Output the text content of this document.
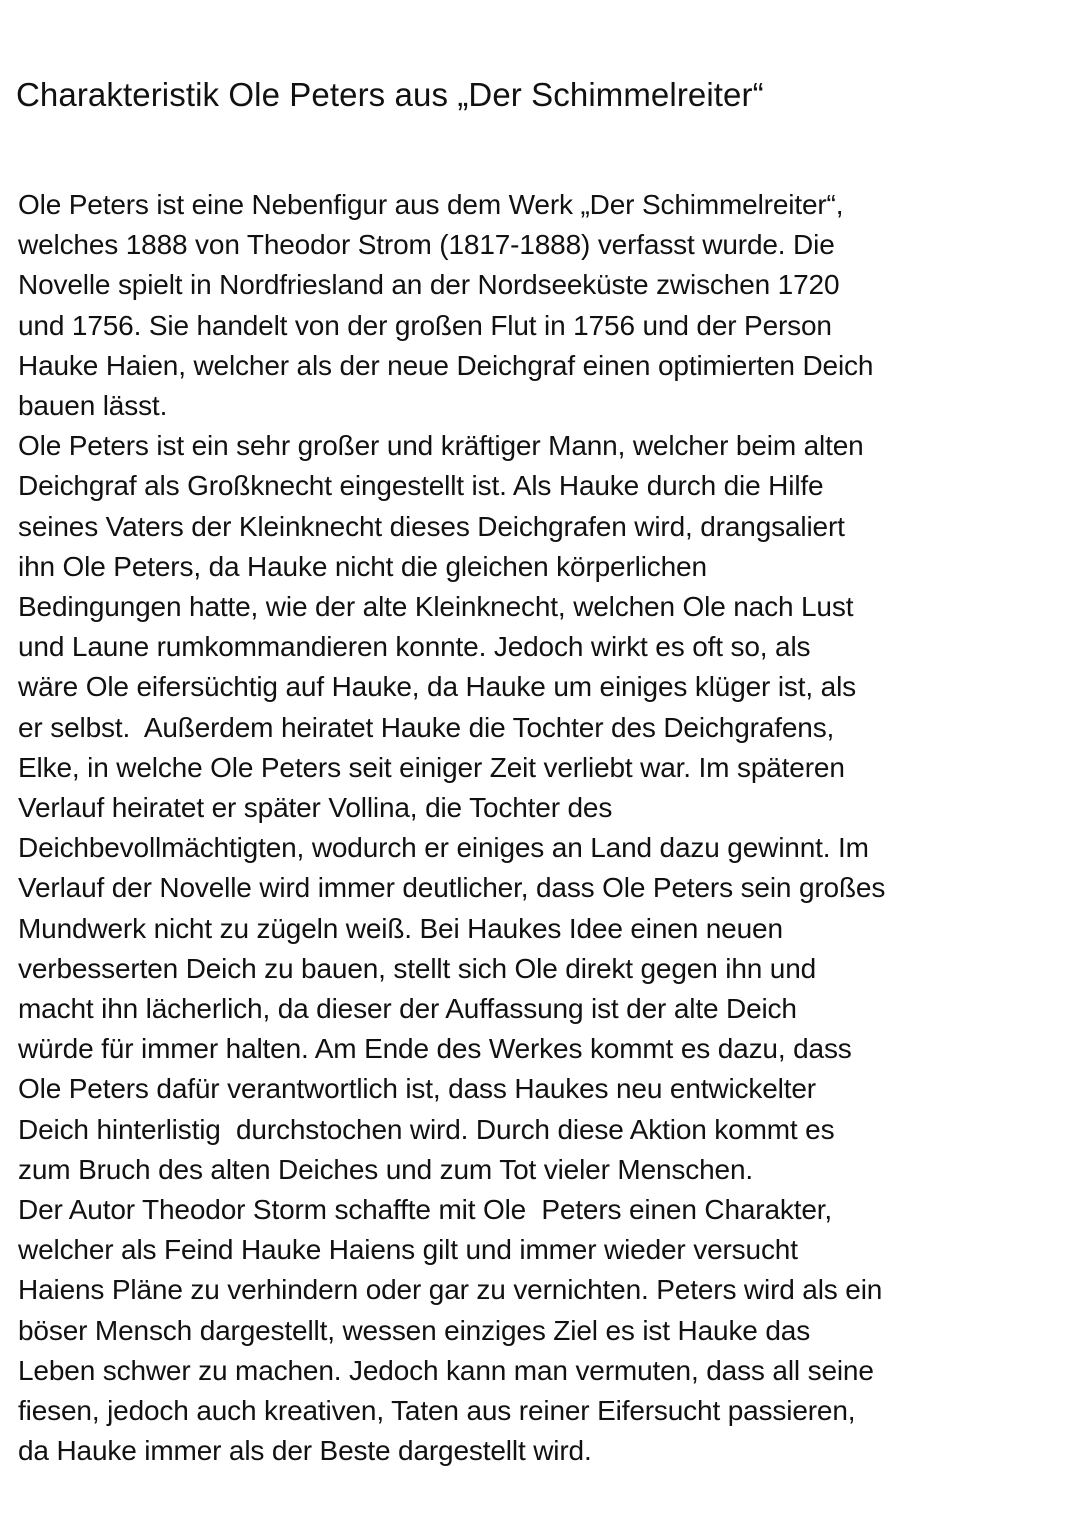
Charakteristik Ole Peters aus „Der Schimmelreiter“
Ole Peters ist eine Nebenfigur aus dem Werk „Der Schimmelreiter“,
welches 1888 von Theodor Strom (1817-1888) verfasst wurde. Die
Novelle spielt in Nordfriesland an der Nordseeküste zwischen 1720
und 1756. Sie handelt von der großen Flut in 1756 und der Person
Hauke Haien, welcher als der neue Deichgraf einen optimierten Deich
bauen lässt.
Ole Peters ist ein sehr großer und kräftiger Mann, welcher beim alten
Deichgraf als Großknecht eingestellt ist. Als Hauke durch die Hilfe
seines Vaters der Kleinknecht dieses Deichgrafen wird, drangsaliert
ihn Ole Peters, da Hauke nicht die gleichen körperlichen
Bedingungen hatte, wie der alte Kleinknecht, welchen Ole nach Lust
und Laune rumkommandieren konnte. Jedoch wirkt es oft so, als
wäre Ole eifersüchtig auf Hauke, da Hauke um einiges klüger ist, als
er selbst.  Außerdem heiratet Hauke die Tochter des Deichgrafens,
Elke, in welche Ole Peters seit einiger Zeit verliebt war. Im späteren
Verlauf heiratet er später Vollina, die Tochter des
Deichbevollmächtigten, wodurch er einiges an Land dazu gewinnt. Im
Verlauf der Novelle wird immer deutlicher, dass Ole Peters sein großes
Mundwerk nicht zu zügeln weiß. Bei Haukes Idee einen neuen
verbesserten Deich zu bauen, stellt sich Ole direkt gegen ihn und
macht ihn lächerlich, da dieser der Auffassung ist der alte Deich
würde für immer halten. Am Ende des Werkes kommt es dazu, dass
Ole Peters dafür verantwortlich ist, dass Haukes neu entwickelter
Deich hinterlistig  durchstochen wird. Durch diese Aktion kommt es
zum Bruch des alten Deiches und zum Tot vieler Menschen.
Der Autor Theodor Storm schaffte mit Ole  Peters einen Charakter,
welcher als Feind Hauke Haiens gilt und immer wieder versucht
Haiens Pläne zu verhindern oder gar zu vernichten. Peters wird als ein
böser Mensch dargestellt, wessen einziges Ziel es ist Hauke das
Leben schwer zu machen. Jedoch kann man vermuten, dass all seine
fiesen, jedoch auch kreativen, Taten aus reiner Eifersucht passieren,
da Hauke immer als der Beste dargestellt wird.
